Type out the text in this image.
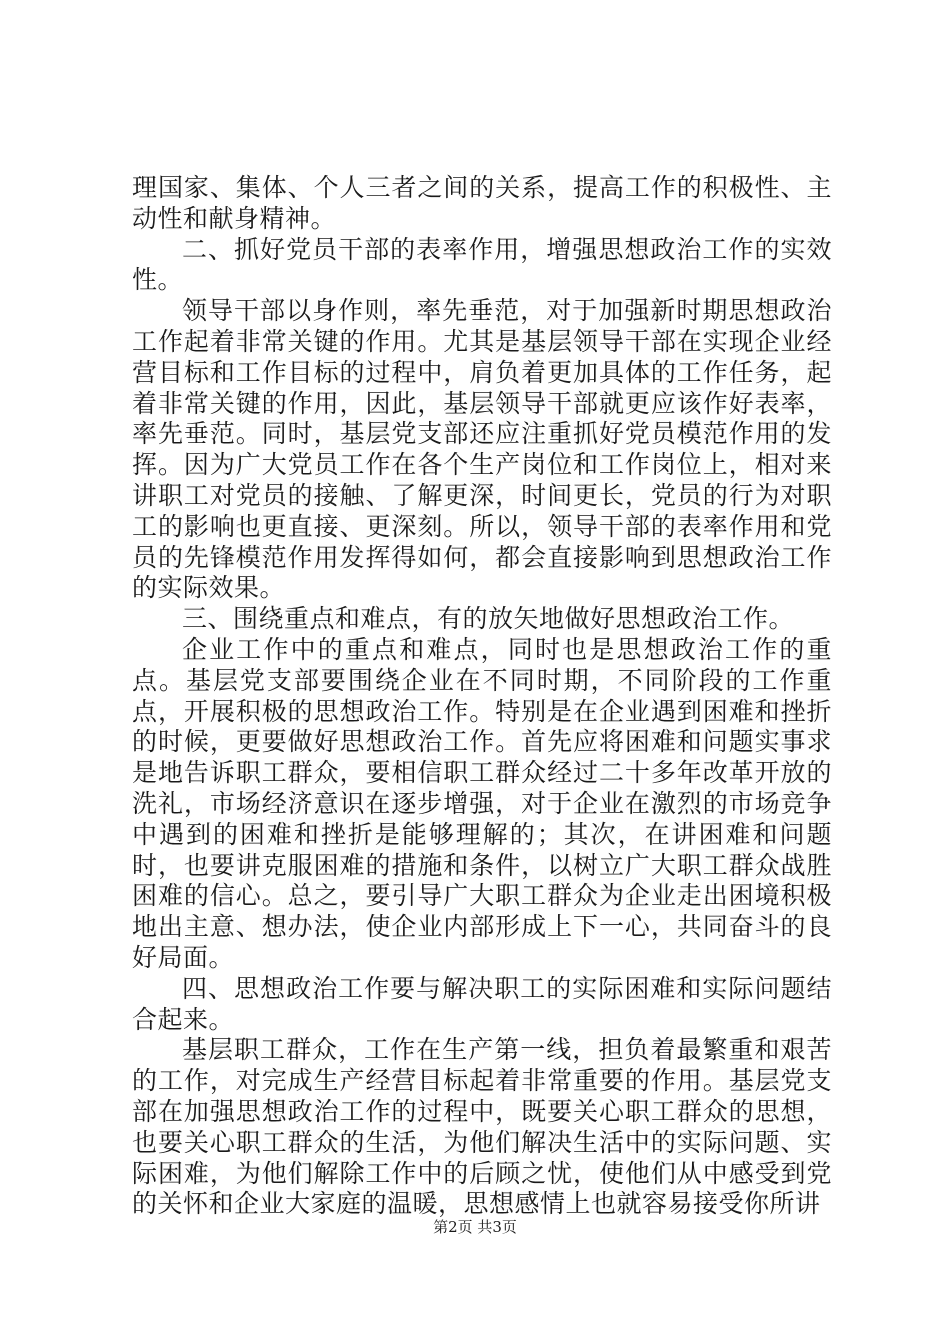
理国家、集体、个人三者之间的关系，提高工作的积极性、主动性和献身精神。

二、抓好党员干部的表率作用，增强思想政治工作的实效性。

领导干部以身作则，率先垂范，对于加强新时期思想政治工作起着非常关键的作用。尤其是基层领导干部在实现企业经营目标和工作目标的过程中，肩负着更加具体的工作任务，起着非常关键的作用，因此，基层领导干部就更应该作好表率，率先垂范。同时，基层党支部还应注重抓好党员模范作用的发挥。因为广大党员工作在各个生产岗位和工作岗位上，相对来讲职工对党员的接触、了解更深，时间更长，党员的行为对职工的影响也更直接、更深刻。所以，领导干部的表率作用和党员的先锋模范作用发挥得如何，都会直接影响到思想政治工作的实际效果。

三、围绕重点和难点，有的放矢地做好思想政治工作。

企业工作中的重点和难点，同时也是思想政治工作的重点。基层党支部要围绕企业在不同时期，不同阶段的工作重点，开展积极的思想政治工作。特别是在企业遇到困难和挫折的时候，更要做好思想政治工作。首先应将困难和问题实事求是地告诉职工群众，要相信职工群众经过二十多年改革开放的洗礼，市场经济意识在逐步增强，对于企业在激烈的市场竞争中遇到的困难和挫折是能够理解的；其次，在讲困难和问题时，也要讲克服困难的措施和条件，以树立广大职工群众战胜困难的信心。总之，要引导广大职工群众为企业走出困境积极地出主意、想办法，使企业内部形成上下一心，共同奋斗的良好局面。

四、思想政治工作要与解决职工的实际困难和实际问题结合起来。

基层职工群众，工作在生产第一线，担负着最繁重和艰苦的工作，对完成生产经营目标起着非常重要的作用。基层党支部在加强思想政治工作的过程中，既要关心职工群众的思想，也要关心职工群众的生活，为他们解决生活中的实际问题、实际困难，为他们解除工作中的后顾之忧，使他们从中感受到党的关怀和企业大家庭的温暖，思想感情上也就容易接受你所讲

第2页 共3页
